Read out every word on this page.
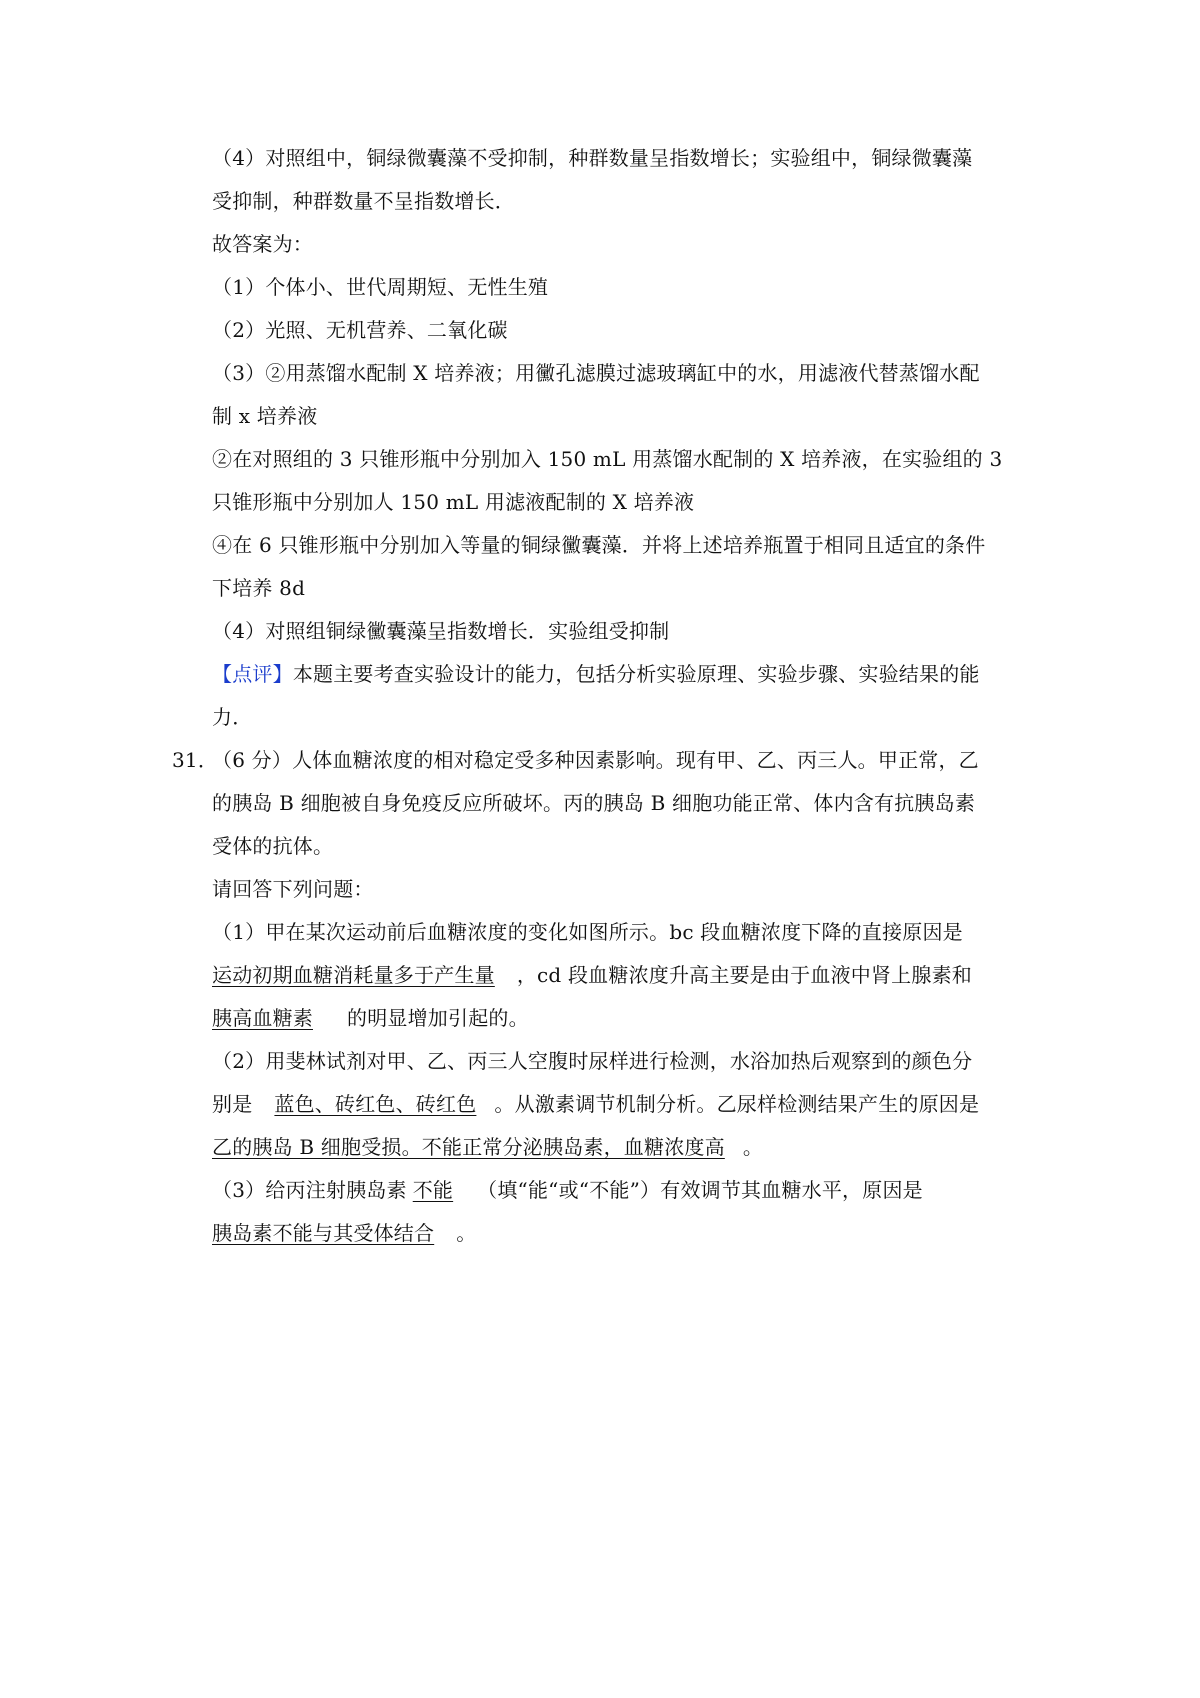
（4）对照组中，铜绿微囊藻不受抑制，种群数量呈指数增长；实验组中，铜绿微囊藻
受抑制，种群数量不呈指数增长．
故答案为：
（1）个体小、世代周期短、无性生殖
（2）光照、无机营养、二氧化碳
（3）②用蒸馏水配制 X 培养液；用黴孔滤膜过滤玻璃缸中的水，用滤液代替蒸馏水配
制 x 培养液
②在对照组的 3 只锥形瓶中分别加入 150 mL 用蒸馏水配制的 X 培养液，在实验组的 3
只锥形瓶中分别加人 150 mL 用滤液配制的 X 培养液
④在 6 只锥形瓶中分别加入等量的铜绿黴囊藻．并将上述培养瓶置于相同且适宜的条件
下培养 8d
（4）对照组铜绿黴囊藻呈指数增长．实验组受抑制
【点评】本题主要考查实验设计的能力，包括分析实验原理、实验步骤、实验结果的能
力．
31．
（6 分）人体血糖浓度的相对稳定受多种因素影响。现有甲、乙、丙三人。甲正常，乙
的胰岛 B 细胞被自身免疫反应所破坏。丙的胰岛 B 细胞功能正常、体内含有抗胰岛素
受体的抗体。
请回答下列问题：
（1）甲在某次运动前后血糖浓度的变化如图所示。bc 段血糖浓度下降的直接原因是
运动初期血糖消耗量多于产生量 ，cd 段血糖浓度升高主要是由于血液中肾上腺素和
胰高血糖素 的明显增加引起的。
（2）用斐林试剂对甲、乙、丙三人空腹时尿样进行检测，水浴加热后观察到的颜色分
别是 蓝色、砖红色、砖红色 。从激素调节机制分析。乙尿样检测结果产生的原因是
乙的胰岛 B 细胞受损。不能正常分泌胰岛素，血糖浓度高 。
（3）给丙注射胰岛素 不能 （填“能“或“不能”）有效调节其血糖水平，原因是
胰岛素不能与其受体结合 。
